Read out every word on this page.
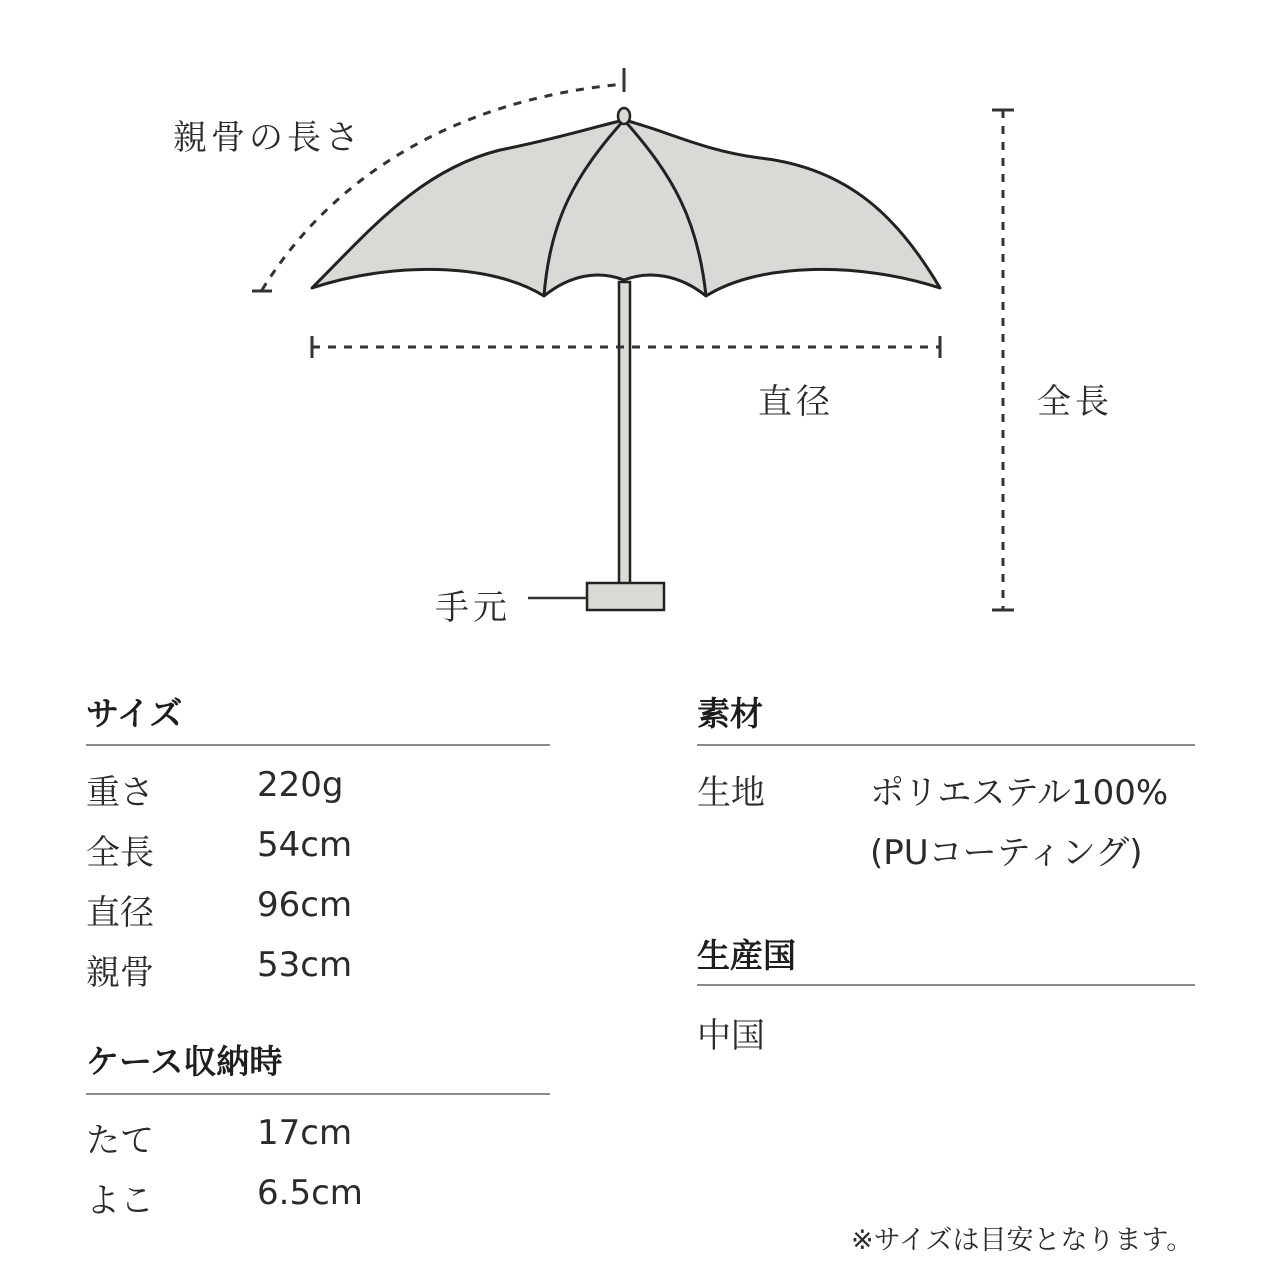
親骨の長さ
直径	全長
手元
サイズ
重さ	220g
全長	54cm
直径	96cm
親骨	53cm
ケース収納時
たて	17cm
よこ	6.5cm
素材
生地	ポリエステル100%
(PUコーティング)
生産国
中国
※サイズは目安となります。
